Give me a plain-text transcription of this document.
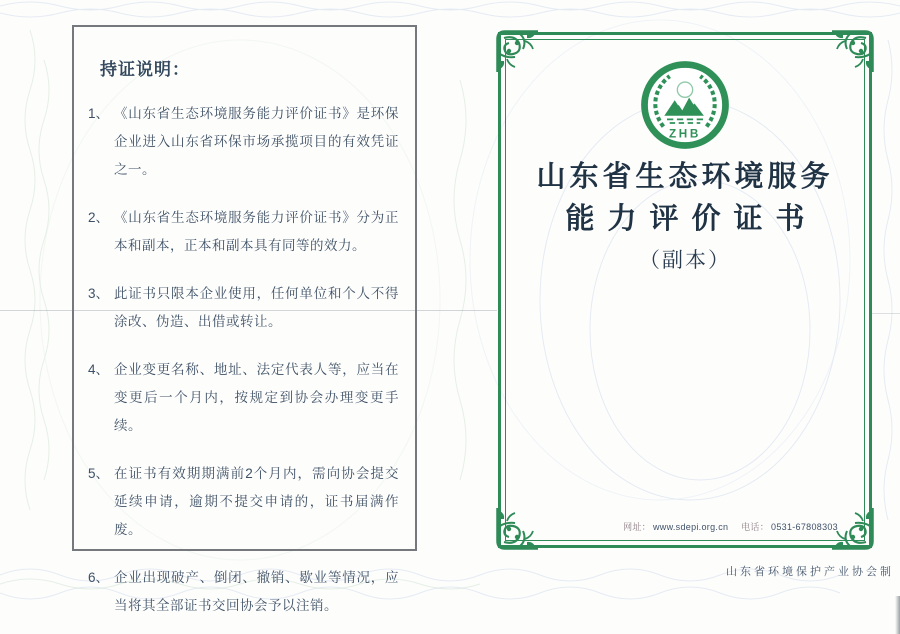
持证说明：
1、 《山东省生态环境服务能力评价证书》是环保企业进入山东省环保市场承揽项目的有效凭证之一。
2、 《山东省生态环境服务能力评价证书》分为正本和副本，正本和副本具有同等的效力。
3、 此证书只限本企业使用，任何单位和个人不得涂改、伪造、出借或转让。
4、 企业变更名称、地址、法定代表人等，应当在变更后一个月内，按规定到协会办理变更手续。
5、 在证书有效期期满前2个月内，需向协会提交延续申请，逾期不提交申请的，证书届满作废。
6、 企业出现破产、倒闭、撤销、歇业等情况，应当将其全部证书交回协会予以注销。
ZHB
山东省生态环境服务
能力评价证书
（副本）
网址： www.sdepi.org.cn 电话： 0531-67808303
山东省环境保护产业协会制
